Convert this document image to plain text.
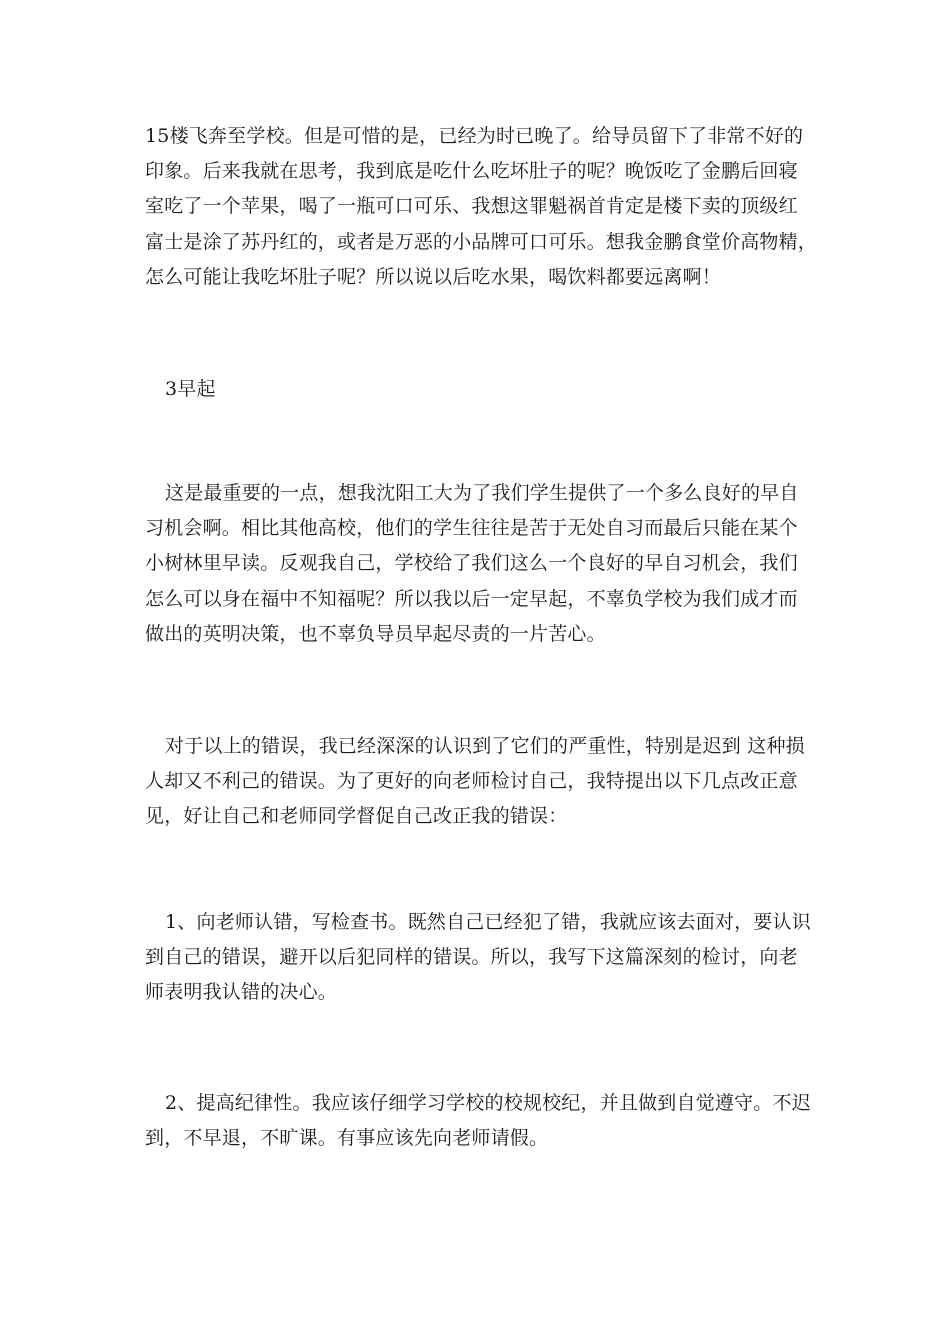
15楼飞奔至学校。但是可惜的是，已经为时已晚了。给导员留下了非常不好的
印象。后来我就在思考，我到底是吃什么吃坏肚子的呢？晚饭吃了金鹏后回寝
室吃了一个苹果，喝了一瓶可口可乐、我想这罪魁祸首肯定是楼下卖的顶级红
富士是涂了苏丹红的，或者是万恶的小品牌可口可乐。想我金鹏食堂价高物精，
怎么可能让我吃坏肚子呢？所以说以后吃水果，喝饮料都要远离啊！
3早起
这是最重要的一点，想我沈阳工大为了我们学生提供了一个多么良好的早自
习机会啊。相比其他高校，他们的学生往往是苦于无处自习而最后只能在某个
小树林里早读。反观我自己，学校给了我们这么一个良好的早自习机会，我们
怎么可以身在福中不知福呢？所以我以后一定早起，不辜负学校为我们成才而
做出的英明决策，也不辜负导员早起尽责的一片苦心。
对于以上的错误，我已经深深的认识到了它们的严重性，特别是迟到 这种损
人却又不利己的错误。为了更好的向老师检讨自己，我特提出以下几点改正意
见，好让自己和老师同学督促自己改正我的错误：
1、向老师认错，写检查书。既然自己已经犯了错，我就应该去面对，要认识
到自己的错误，避开以后犯同样的错误。所以，我写下这篇深刻的检讨，向老
师表明我认错的决心。
2、提高纪律性。我应该仔细学习学校的校规校纪，并且做到自觉遵守。不迟
到，不早退，不旷课。有事应该先向老师请假。
